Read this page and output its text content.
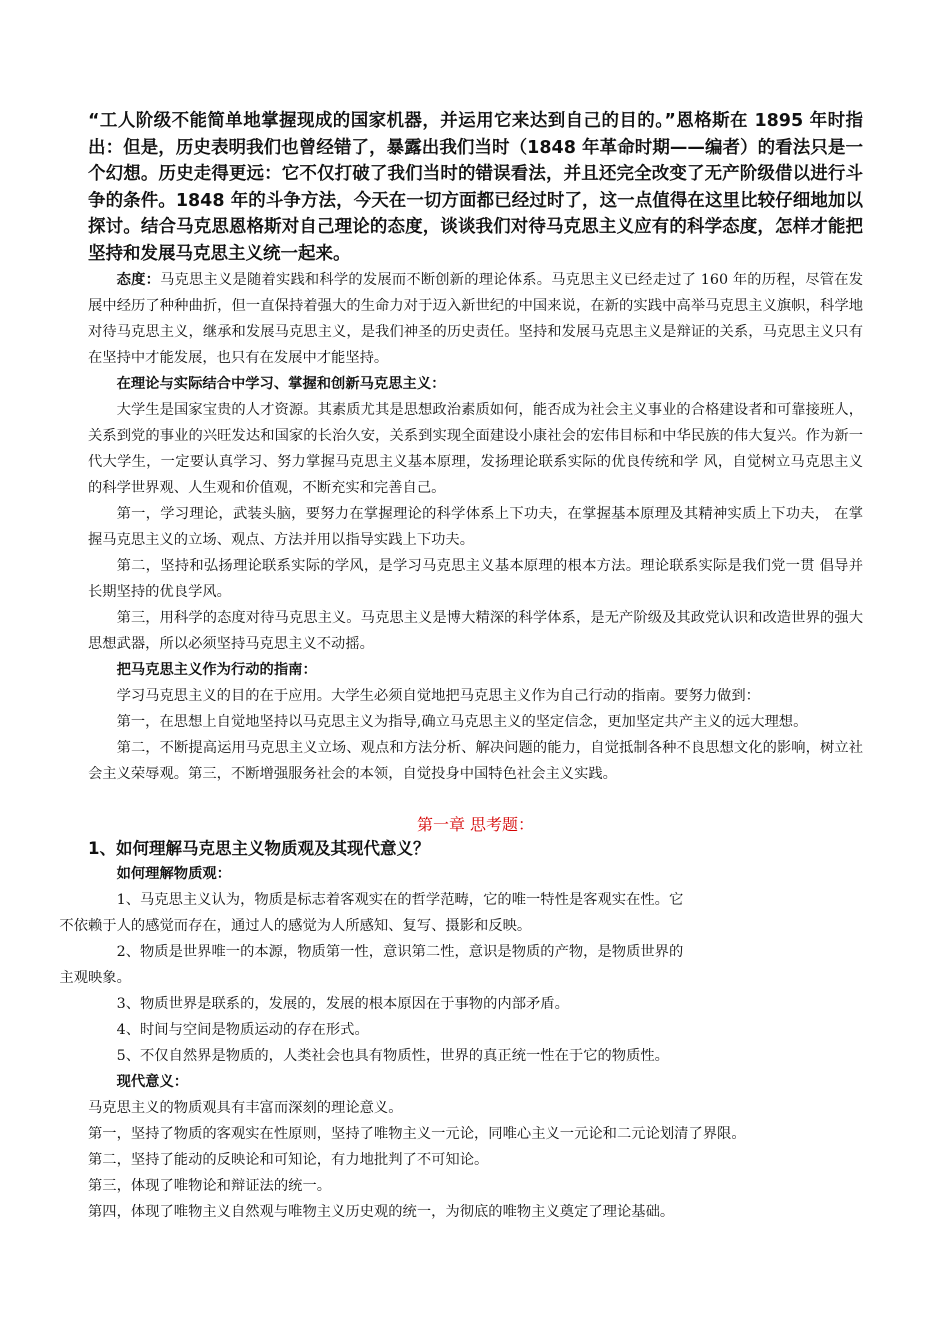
“工人阶级不能简单地掌握现成的国家机器，并运用它来达到自己的目的。”恩格斯在 1895 年时指出：但是，历史表明我们也曾经错了，暴露出我们当时（1848 年革命时期——编者）的看法只是一个幻想。历史走得更远：它不仅打破了我们当时的错误看法，并且还完全改变了无产阶级借以进行斗争的条件。1848 年的斗争方法，今天在一切方面都已经过时了，这一点值得在这里比较仔细地加以探讨。结合马克思恩格斯对自己理论的态度，谈谈我们对待马克思主义应有的科学态度，怎样才能把坚持和发展马克思主义统一起来。

态度：马克思主义是随着实践和科学的发展而不断创新的理论体系。马克思主义已经走过了 160 年的历程，尽管在发展中经历了种种曲折，但一直保持着强大的生命力对于迈入新世纪的中国来说，在新的实践中高举马克思主义旗帜，科学地对待马克思主义，继承和发展马克思主义，是我们神圣的历史责任。坚持和发展马克思主义是辩证的关系，马克思主义只有在坚持中才能发展，也只有在发展中才能坚持。

在理论与实际结合中学习、掌握和创新马克思主义：

大学生是国家宝贵的人才资源。其素质尤其是思想政治素质如何，能否成为社会主义事业的合格建设者和可靠接班人，关系到党的事业的兴旺发达和国家的长治久安，关系到实现全面建设小康社会的宏伟目标和中华民族的伟大复兴。作为新一代大学生，一定要认真学习、努力掌握马克思主义基本原理，发扬理论联系实际的优良传统和学 风，自觉树立马克思主义的科学世界观、人生观和价值观，不断充实和完善自己。

第一，学习理论，武装头脑，要努力在掌握理论的科学体系上下功夫，在掌握基本原理及其精神实质上下功夫， 在掌握马克思主义的立场、观点、方法并用以指导实践上下功夫。

第二，坚持和弘扬理论联系实际的学风，是学习马克思主义基本原理的根本方法。理论联系实际是我们党一贯 倡导并长期坚持的优良学风。

第三，用科学的态度对待马克思主义。马克思主义是博大精深的科学体系，是无产阶级及其政党认识和改造世界的强大思想武器，所以必须坚持马克思主义不动摇。

把马克思主义作为行动的指南：

学习马克思主义的目的在于应用。大学生必须自觉地把马克思主义作为自己行动的指南。要努力做到：

第一，在思想上自觉地坚持以马克思主义为指导,确立马克思主义的坚定信念，更加坚定共产主义的远大理想。

第二，不断提高运用马克思主义立场、观点和方法分析、解决问题的能力，自觉抵制各种不良思想文化的影响，树立社会主义荣辱观。第三，不断增强服务社会的本领，自觉投身中国特色社会主义实践。

第一章 思考题：

1、如何理解马克思主义物质观及其现代意义？

如何理解物质观：

1、马克思主义认为，物质是标志着客观实在的哲学范畴，它的唯一特性是客观实在性。它
不依赖于人的感觉而存在，通过人的感觉为人所感知、复写、摄影和反映。

2、物质是世界唯一的本源，物质第一性，意识第二性，意识是物质的产物，是物质世界的
主观映象。

3、物质世界是联系的，发展的，发展的根本原因在于事物的内部矛盾。

4、时间与空间是物质运动的存在形式。

5、不仅自然界是物质的，人类社会也具有物质性，世界的真正统一性在于它的物质性。

现代意义：

马克思主义的物质观具有丰富而深刻的理论意义。

第一，坚持了物质的客观实在性原则，坚持了唯物主义一元论，同唯心主义一元论和二元论划清了界限。

第二，坚持了能动的反映论和可知论，有力地批判了不可知论。

第三，体现了唯物论和辩证法的统一。

第四，体现了唯物主义自然观与唯物主义历史观的统一，为彻底的唯物主义奠定了理论基础。
